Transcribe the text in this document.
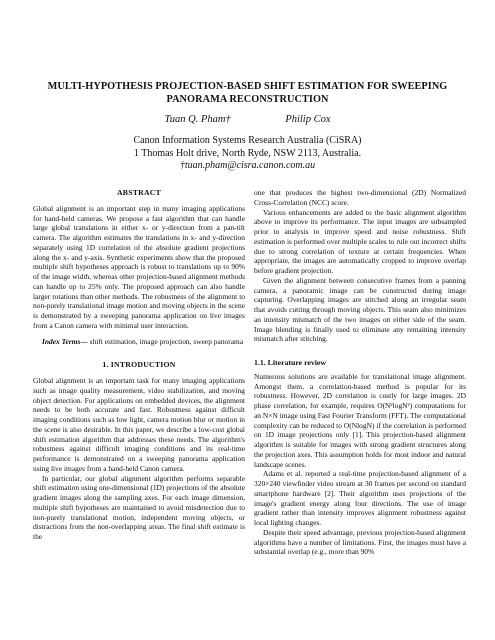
MULTI-HYPOTHESIS PROJECTION-BASED SHIFT ESTIMATION FOR SWEEPING PANORAMA RECONSTRUCTION
Tuan Q. Pham†	Philip Cox
Canon Information Systems Research Australia (CiSRA)
1 Thomas Holt drive, North Ryde, NSW 2113, Australia.
†tuan.pham@cisra.canon.com.au
ABSTRACT

Global alignment is an important step in many imaging applications for hand-held cameras. We propose a fast algorithm that can handle large global translations in either x- or y-direction from a pan-tilt camera. The algorithm estimates the translations in x- and y-direction separately using 1D correlation of the absolute gradient projections along the x- and y-axis. Synthetic experiments show that the proposed multiple shift hypotheses approach is robust to translations up to 90% of the image width, whereas other projection-based alignment methods can handle up to 25% only. The proposed approach can also handle larger rotations than other methods. The robustness of the alignment to non-purely translational image motion and moving objects in the scene is demonstrated by a sweeping panorama application on live images from a Canon camera with minimal user interaction.

Index Terms— shift estimation, image projection, sweep panorama

1. INTRODUCTION

Global alignment is an important task for many imaging applications such as image quality measurement, video stabilization, and moving object detection. For applications on embedded devices, the alignment needs to be both accurate and fast. Robustness against difficult imaging conditions such as low light, camera motion blur or motion in the scene is also desirable. In this paper, we describe a low-cost global shift estimation algorithm that addresses these needs. The algorithm's robustness against difficult imaging conditions and its real-time performance is demonstrated on a sweeping panorama application using live images from a hand-held Canon camera.

In particular, our global alignment algorithm performs separable shift estimation using one-dimensional (1D) projections of the absolute gradient images along the sampling axes. For each image dimension, multiple shift hypotheses are maintained to avoid misdetection due to non-purely translational motion, independent moving objects, or distractions from the non-overlapping areas. The final shift estimate is the

one that produces the highest two-dimensional (2D) Normalized Cross-Correlation (NCC) score.

Various enhancements are added to the basic alignment algorithm above to improve its performance. The input images are subsampled prior to analysis to improve speed and noise robustness. Shift estimation is performed over multiple scales to rule out incorrect shifts due to strong correlation of texture at certain frequencies. When appropriate, the images are automatically cropped to improve overlap before gradient projection.

Given the alignment between consecutive frames from a panning camera, a panoramic image can be constructed during image capturing. Overlapping images are stitched along an irregular seam that avoids cutting through moving objects. This seam also minimizes an intensity mismatch of the two images on either side of the seam. Image blending is finally used to eliminate any remaining intensity mismatch after stitching.

1.1. Literature review

Numerous solutions are available for translational image alignment. Amongst them, a correlation-based method is popular for its robustness. However, 2D correlation is costly for large images. 2D phase correlation, for example, requires O(N²logN²) computations for an N×N image using Fast Fourier Transform (FFT). The computational complexity can be reduced to O(NlogN) if the correlation is performed on 1D image projections only [1]. This projection-based alignment algorithm is suitable for images with strong gradient structures along the projection axes. This assumption holds for most indoor and natural landscape scenes.

Adams et al. reported a real-time projection-based alignment of a 320×240 viewfinder video stream at 30 frames per second on standard smartphone hardware [2]. Their algorithm uses projections of the image's gradient energy along four directions. The use of image gradient rather than intensity improves alignment robustness against local lighting changes.

Despite their speed advantage, previous projection-based alignment algorithms have a number of limitations. First, the images must have a substantial overlap (e.g., more than 90%
